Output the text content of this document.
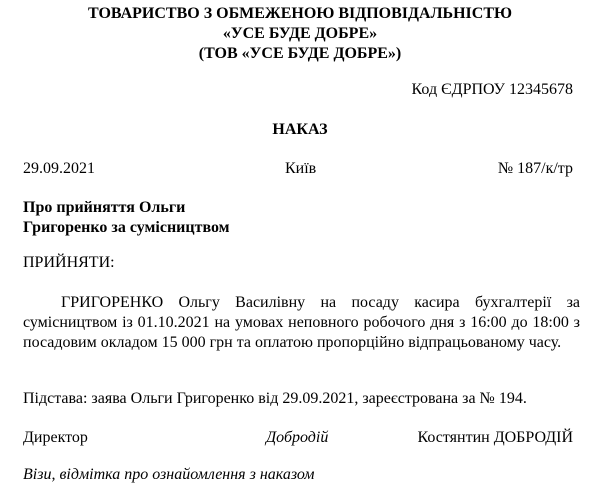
ТОВАРИСТВО З ОБМЕЖЕНОЮ ВІДПОВІДАЛЬНІСТЮ
«УСЕ БУДЕ ДОБРЕ»
(ТОВ «УСЕ БУДЕ ДОБРЕ»)
Код ЄДРПОУ 12345678
НАКАЗ
29.09.2021	Київ	№ 187/к/тр
Про прийняття Ольги
Григоренко за сумісництвом
ПРИЙНЯТИ:
ГРИГОРЕНКО Ольгу Василівну на посаду касира бухгалтерії за сумісництвом із 01.10.2021 на умовах неповного робочого дня з 16:00 до 18:00 з посадовим окладом 15 000 грн та оплатою пропорційно відпрацьованому часу.
Підстава: заява Ольги Григоренко від 29.09.2021, зареєстрована за № 194.
Директор	Добродій	Костянтин ДОБРОДІЙ
Візи, відмітка про ознайомлення з наказом
